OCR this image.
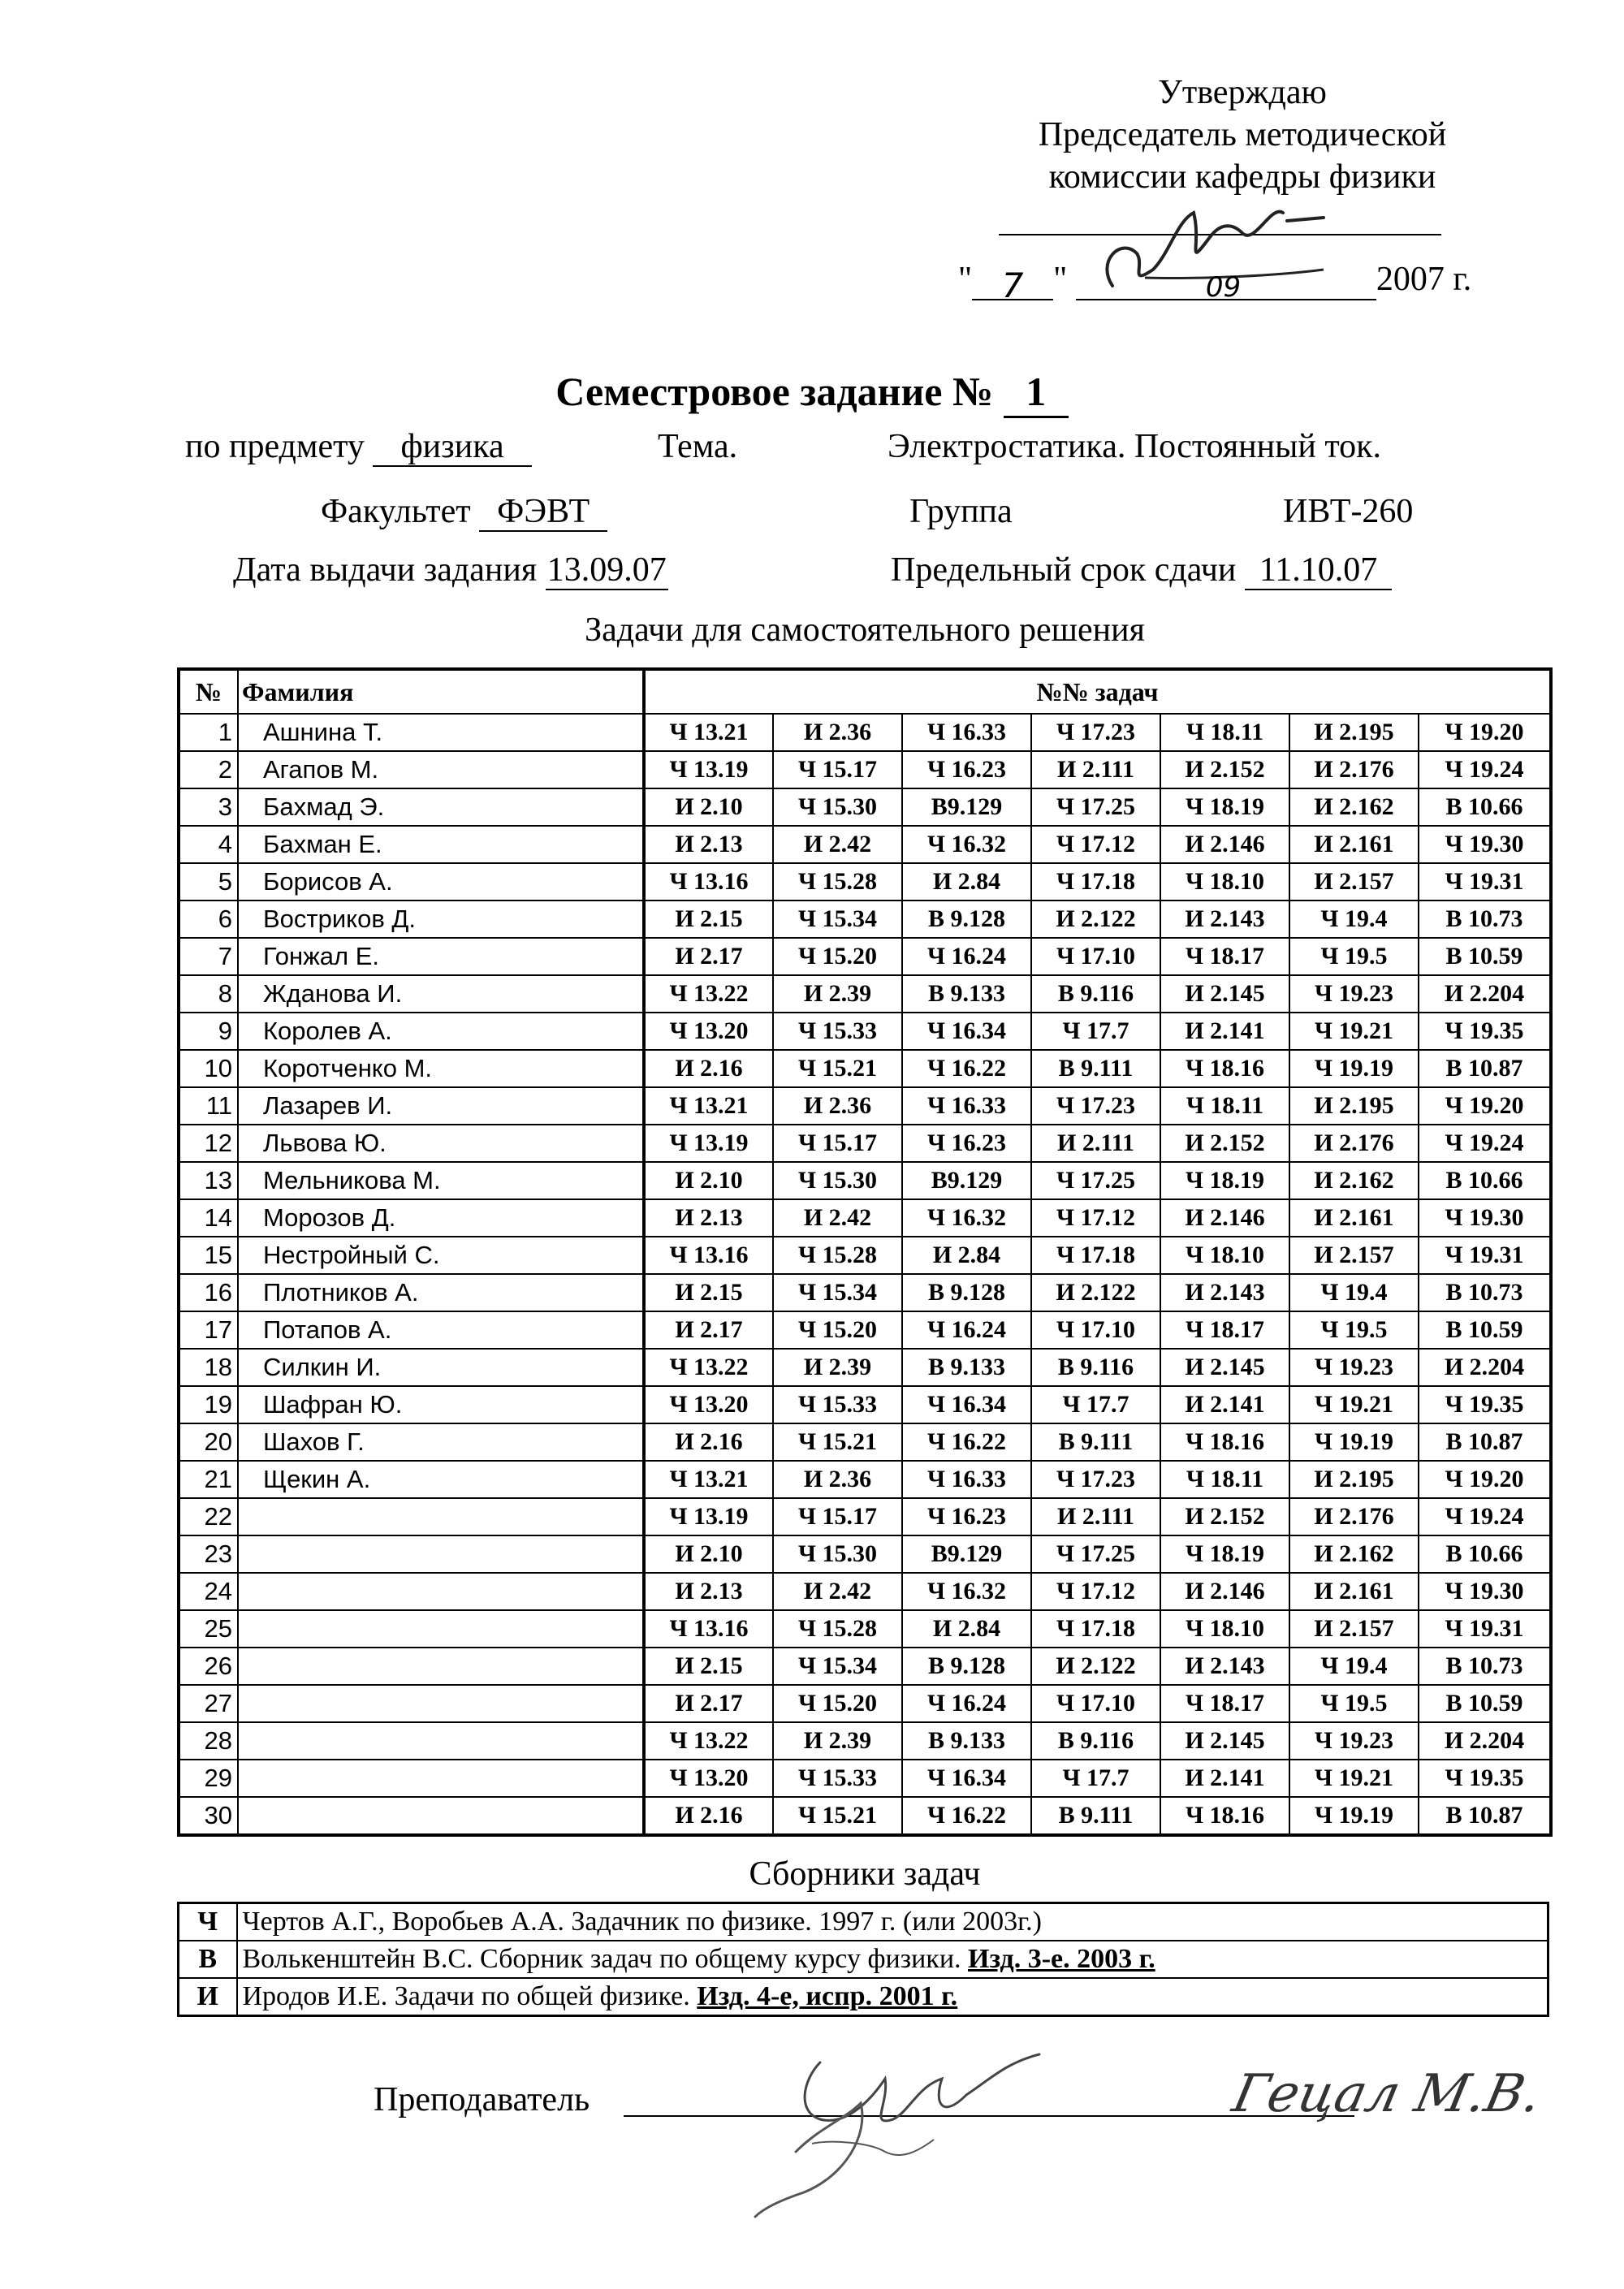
Утверждаю
Председатель методической
комиссии кафедры физики
" 7 "	09	2007 г.
Семестровое задание № 1
по предмету физика	Тема.	Электростатика. Постоянный ток.
Факультет ФЭВТ	Группа	ИВТ-260
Дата выдачи задания 13.09.07	Предельный срок сдачи 11.10.07
Задачи для самостоятельного решения
№	Фамилия	№№ задач						
1	Ашнина Т.	Ч 13.21	И 2.36	Ч 16.33	Ч 17.23	Ч 18.11	И 2.195	Ч 19.20
2	Агапов М.	Ч 13.19	Ч 15.17	Ч 16.23	И 2.111	И 2.152	И 2.176	Ч 19.24
3	Бахмад Э.	И 2.10	Ч 15.30	В9.129	Ч 17.25	Ч 18.19	И 2.162	В 10.66
4	Бахман Е.	И 2.13	И 2.42	Ч 16.32	Ч 17.12	И 2.146	И 2.161	Ч 19.30
5	Борисов А.	Ч 13.16	Ч 15.28	И 2.84	Ч 17.18	Ч 18.10	И 2.157	Ч 19.31
6	Востриков Д.	И 2.15	Ч 15.34	В 9.128	И 2.122	И 2.143	Ч 19.4	В 10.73
7	Гонжал Е.	И 2.17	Ч 15.20	Ч 16.24	Ч 17.10	Ч 18.17	Ч 19.5	В 10.59
8	Жданова И.	Ч 13.22	И 2.39	В 9.133	В 9.116	И 2.145	Ч 19.23	И 2.204
9	Королев А.	Ч 13.20	Ч 15.33	Ч 16.34	Ч 17.7	И 2.141	Ч 19.21	Ч 19.35
10	Коротченко М.	И 2.16	Ч 15.21	Ч 16.22	В 9.111	Ч 18.16	Ч 19.19	В 10.87
11	Лазарев И.	Ч 13.21	И 2.36	Ч 16.33	Ч 17.23	Ч 18.11	И 2.195	Ч 19.20
12	Львова Ю.	Ч 13.19	Ч 15.17	Ч 16.23	И 2.111	И 2.152	И 2.176	Ч 19.24
13	Мельникова М.	И 2.10	Ч 15.30	В9.129	Ч 17.25	Ч 18.19	И 2.162	В 10.66
14	Морозов Д.	И 2.13	И 2.42	Ч 16.32	Ч 17.12	И 2.146	И 2.161	Ч 19.30
15	Нестройный С.	Ч 13.16	Ч 15.28	И 2.84	Ч 17.18	Ч 18.10	И 2.157	Ч 19.31
16	Плотников А.	И 2.15	Ч 15.34	В 9.128	И 2.122	И 2.143	Ч 19.4	В 10.73
17	Потапов А.	И 2.17	Ч 15.20	Ч 16.24	Ч 17.10	Ч 18.17	Ч 19.5	В 10.59
18	Силкин И.	Ч 13.22	И 2.39	В 9.133	В 9.116	И 2.145	Ч 19.23	И 2.204
19	Шафран Ю.	Ч 13.20	Ч 15.33	Ч 16.34	Ч 17.7	И 2.141	Ч 19.21	Ч 19.35
20	Шахов Г.	И 2.16	Ч 15.21	Ч 16.22	В 9.111	Ч 18.16	Ч 19.19	В 10.87
21	Щекин А.	Ч 13.21	И 2.36	Ч 16.33	Ч 17.23	Ч 18.11	И 2.195	Ч 19.20
22		Ч 13.19	Ч 15.17	Ч 16.23	И 2.111	И 2.152	И 2.176	Ч 19.24
23		И 2.10	Ч 15.30	В9.129	Ч 17.25	Ч 18.19	И 2.162	В 10.66
24		И 2.13	И 2.42	Ч 16.32	Ч 17.12	И 2.146	И 2.161	Ч 19.30
25		Ч 13.16	Ч 15.28	И 2.84	Ч 17.18	Ч 18.10	И 2.157	Ч 19.31
26		И 2.15	Ч 15.34	В 9.128	И 2.122	И 2.143	Ч 19.4	В 10.73
27		И 2.17	Ч 15.20	Ч 16.24	Ч 17.10	Ч 18.17	Ч 19.5	В 10.59
28		Ч 13.22	И 2.39	В 9.133	В 9.116	И 2.145	Ч 19.23	И 2.204
29		Ч 13.20	Ч 15.33	Ч 16.34	Ч 17.7	И 2.141	Ч 19.21	Ч 19.35
30		И 2.16	Ч 15.21	Ч 16.22	В 9.111	Ч 18.16	Ч 19.19	В 10.87
Сборники задач
Ч	Чертов А.Г., Воробьев А.А. Задачник по физике. 1997 г. (или 2003г.)
В	Волькенштейн В.С. Сборник задач по общему курсу физики. Изд. 3-е. 2003 г.
И	Иродов И.Е. Задачи по общей физике. Изд. 4-е, испр. 2001 г.
Преподаватель	Гецал М.В.
